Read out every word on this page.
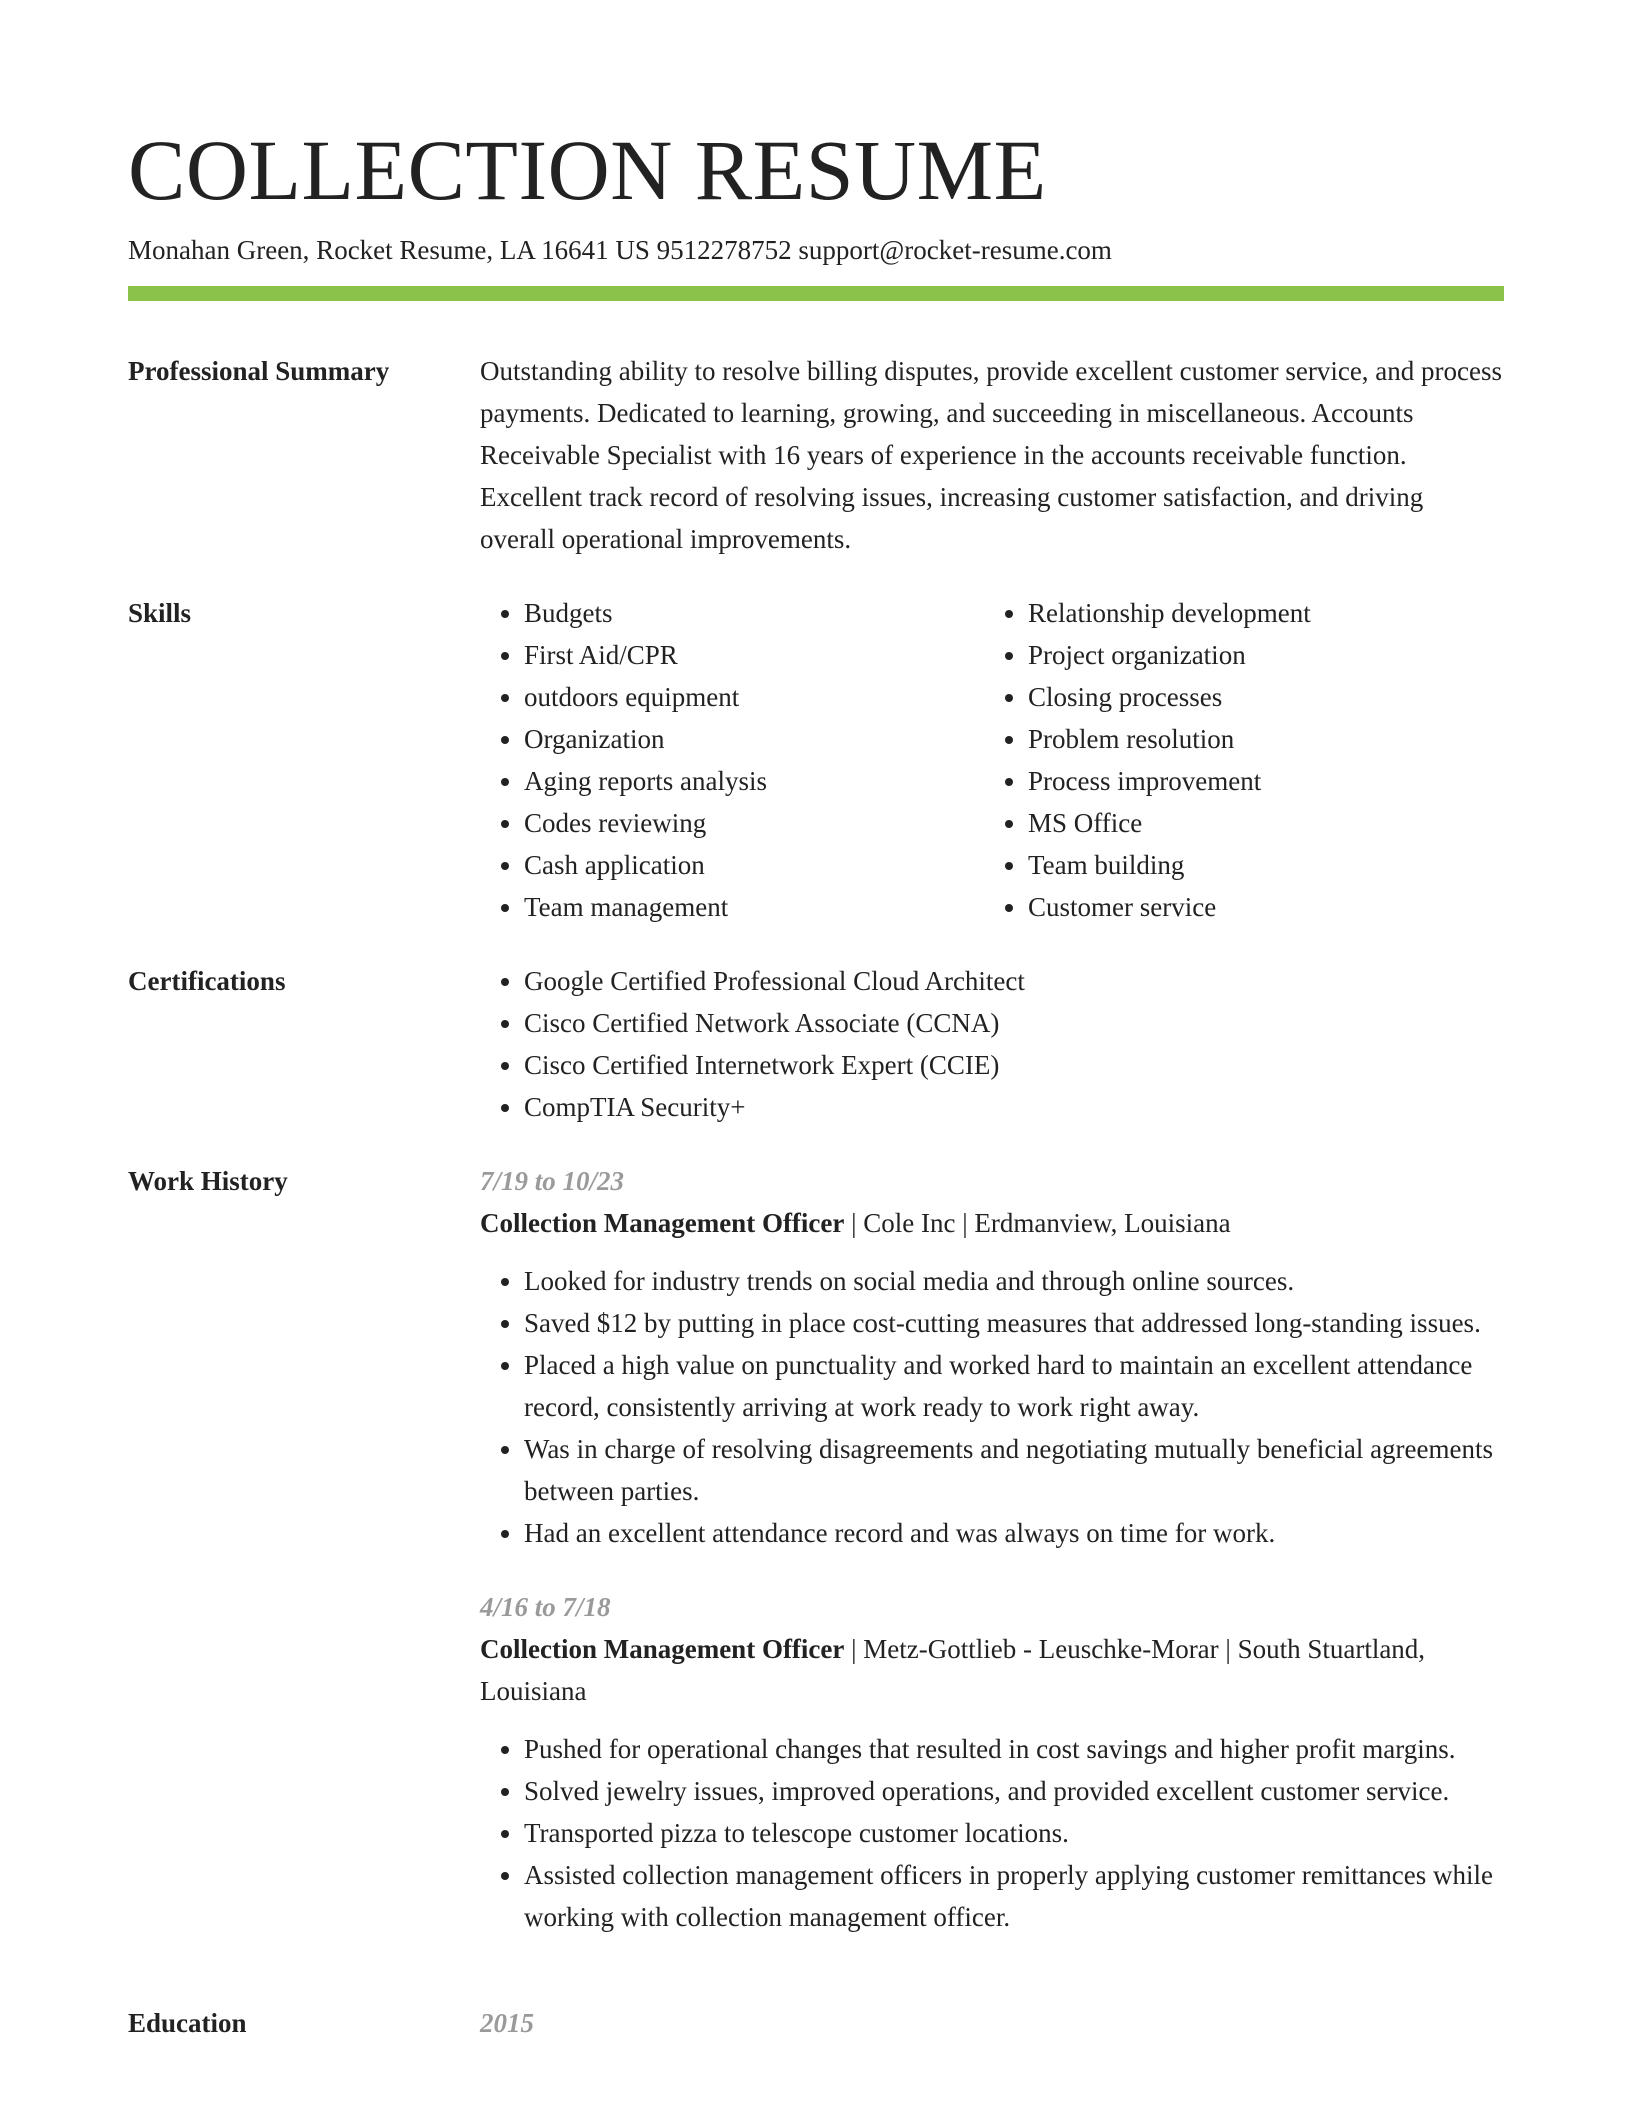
COLLECTION RESUME
Monahan Green, Rocket Resume, LA 16641 US 9512278752 support@rocket-resume.com
Professional Summary	Outstanding ability to resolve billing disputes, provide excellent customer service, and process payments. Dedicated to learning, growing, and succeeding in miscellaneous. Accounts Receivable Specialist with 16 years of experience in the accounts receivable function. Excellent track record of resolving issues, increasing customer satisfaction, and driving overall operational improvements.

Skills	• Budgets
• First Aid/CPR
• outdoors equipment
• Organization
• Aging reports analysis
• Codes reviewing
• Cash application
• Team management
• Relationship development
• Project organization
• Closing processes
• Problem resolution
• Process improvement
• MS Office
• Team building
• Customer service
Certifications	• Google Certified Professional Cloud Architect
• Cisco Certified Network Associate (CCNA)
• Cisco Certified Internetwork Expert (CCIE)
• CompTIA Security+
Work History	7/19 to 10/23
Collection Management Officer | Cole Inc | Erdmanview, Louisiana
• Looked for industry trends on social media and through online sources.
• Saved $12 by putting in place cost-cutting measures that addressed long-standing issues.
• Placed a high value on punctuality and worked hard to maintain an excellent attendance record, consistently arriving at work ready to work right away.
• Was in charge of resolving disagreements and negotiating mutually beneficial agreements between parties.
• Had an excellent attendance record and was always on time for work.
4/16 to 7/18
Collection Management Officer | Metz-Gottlieb - Leuschke-Morar | South Stuartland, Louisiana
• Pushed for operational changes that resulted in cost savings and higher profit margins.
• Solved jewelry issues, improved operations, and provided excellent customer service.
• Transported pizza to telescope customer locations.
• Assisted collection management officers in properly applying customer remittances while working with collection management officer.
Education	2015
